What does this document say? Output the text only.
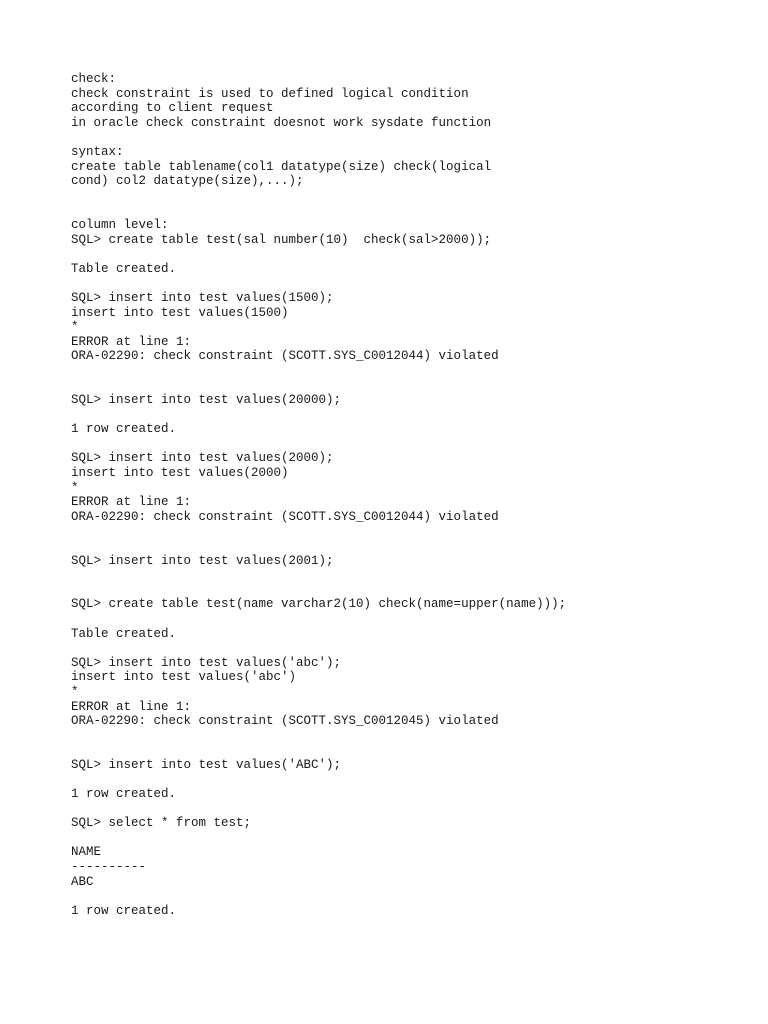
check:
check constraint is used to defined logical condition
according to client request
in oracle check constraint doesnot work sysdate function
syntax:
create table tablename(col1 datatype(size) check(logical
cond) col2 datatype(size),...);
column level:
SQL> create table test(sal number(10)  check(sal>2000));
Table created.
SQL> insert into test values(1500);
insert into test values(1500)
*
ERROR at line 1:
ORA-02290: check constraint (SCOTT.SYS_C0012044) violated
SQL> insert into test values(20000);
1 row created.
SQL> insert into test values(2000);
insert into test values(2000)
*
ERROR at line 1:
ORA-02290: check constraint (SCOTT.SYS_C0012044) violated
SQL> insert into test values(2001);
SQL> create table test(name varchar2(10) check(name=upper(name)));
Table created.
SQL> insert into test values('abc');
insert into test values('abc')
*
ERROR at line 1:
ORA-02290: check constraint (SCOTT.SYS_C0012045) violated
SQL> insert into test values('ABC');
1 row created.
SQL> select * from test;
NAME
----------
ABC
1 row created.
